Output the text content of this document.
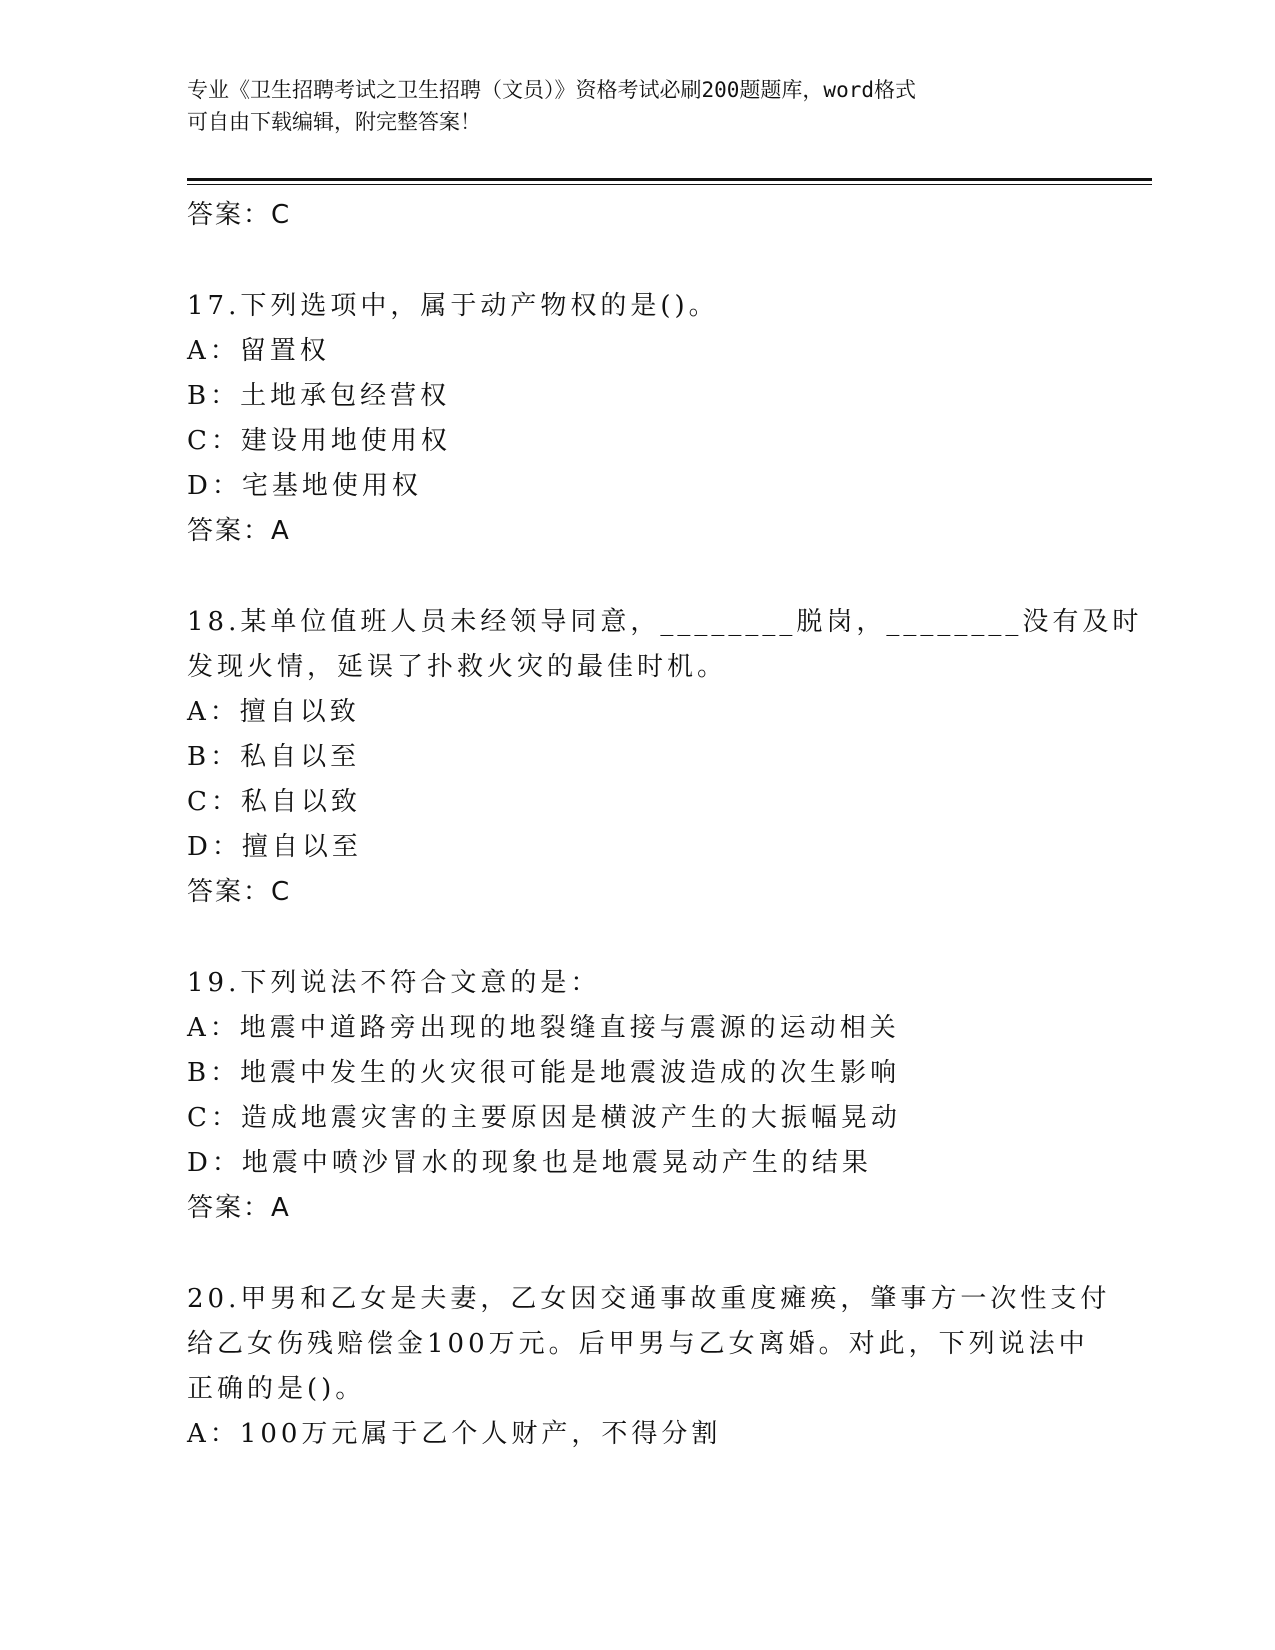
专业《卫生招聘考试之卫生招聘（文员）》资格考试必刷200题题库，word格式
可自由下载编辑，附完整答案！
答案：C
17.下列选项中，属于动产物权的是()。
A：留置权
B：土地承包经营权
C：建设用地使用权
D：宅基地使用权
答案：A
18.某单位值班人员未经领导同意，________脱岗，________没有及时
发现火情，延误了扑救火灾的最佳时机。
A：擅自以致
B：私自以至
C：私自以致
D：擅自以至
答案：C
19.下列说法不符合文意的是：
A：地震中道路旁出现的地裂缝直接与震源的运动相关
B：地震中发生的火灾很可能是地震波造成的次生影响
C：造成地震灾害的主要原因是横波产生的大振幅晃动
D：地震中喷沙冒水的现象也是地震晃动产生的结果
答案：A
20.甲男和乙女是夫妻，乙女因交通事故重度瘫痪，肇事方一次性支付
给乙女伤残赔偿金100万元。后甲男与乙女离婚。对此，下列说法中
正确的是()。
A：100万元属于乙个人财产，不得分割
